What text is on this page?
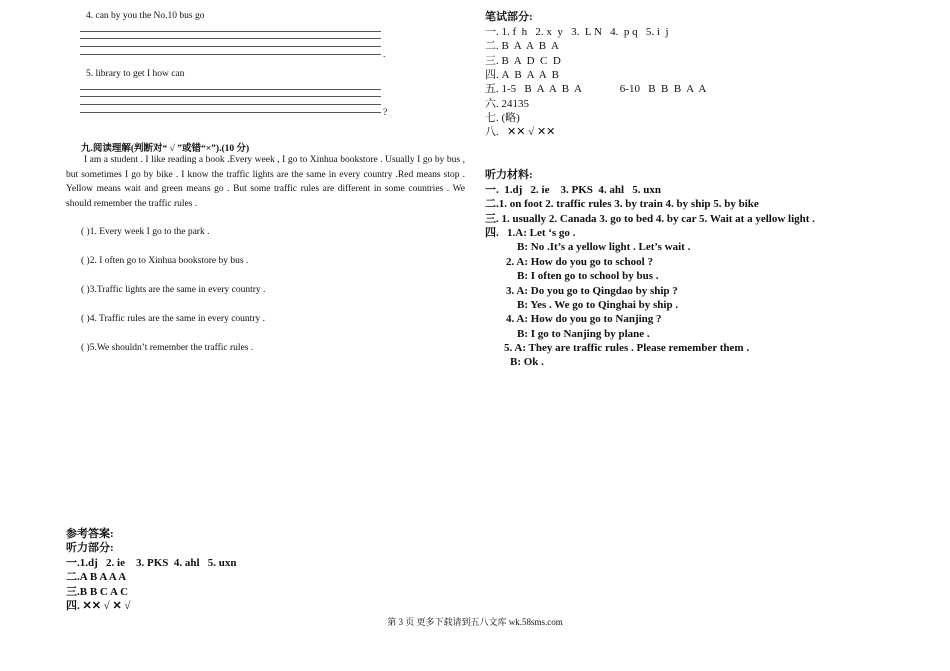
4. can by you the No.10 bus go
.
5. library to get I how can
?
九.阅读理解(判断对“ √ ”或错“×”).(10 分)
I am a student . I like reading a book .Every week , I go to Xinhua bookstore . Usually I go by bus , but sometimes I go by bike . I know the traffic lights are the same in every country .Red means stop . Yellow means wait and green means go . But some traffic rules are different in some countries . We should remember the traffic rules .
( )1. Every week I go to the park .
( )2. I often go to Xinhua bookstore by bus .
( )3.Traffic lights are the same in every country .
( )4. Traffic rules are the same in every country .
( )5.We shouldn’t remember the traffic rules .
参考答案:
听力部分:
一.1.dj   2. ie    3. PKS  4. ahl   5. uxn
二.A B A A A
三.B B C A C
四. ✕✕ √ ✕ √
笔试部分:
一. 1. f  h   2. x  y   3.  L N   4.  p q   5. i  j
二. B  A  A  B  A
三. B  A  D  C  D
四. A  B  A  A  B
五. 1-5   B  A  A  B  A              6-10   B  B  B  A  A
六. 24135
七. (略)
八.   ✕✕ √ ✕✕
听力材料:
一.  1.dj   2. ie    3. PKS  4. ahl   5. uxn
二.1. on foot 2. traffic rules 3. by train 4. by ship 5. by bike
三. 1. usually 2. Canada 3. go to bed 4. by car 5. Wait at a yellow light .
四.   1.A: Let ‘s go .
B: No .It’s a yellow light . Let’s wait .
2. A: How do you go to school ?
B: I often go to school by bus .
3. A: Do you go to Qingdao by ship ?
B: Yes . We go to Qinghai by ship .
4. A: How do you go to Nanjing ?
B: I go to Nanjing by plane .
5. A: They are traffic rules . Please remember them .
B: Ok .
第 3 页 更多下载请到五八文库 wk.58sms.com
